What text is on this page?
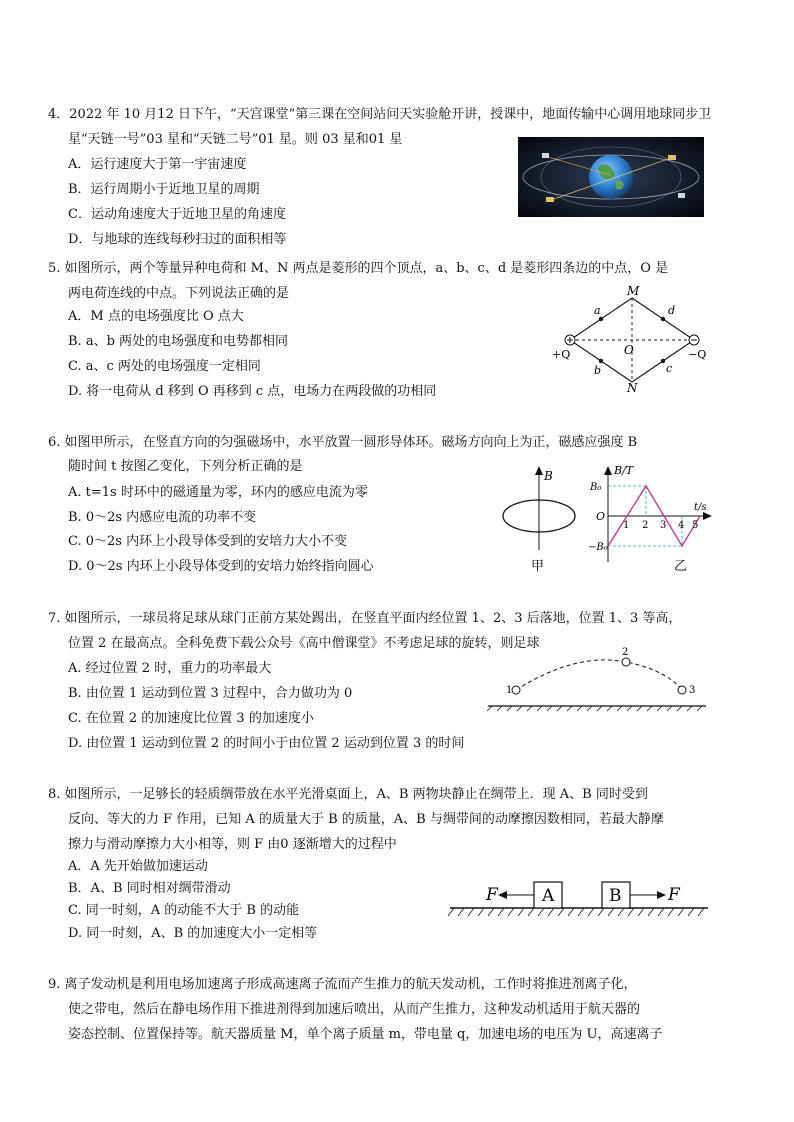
4．2022 年 10 月12 日下午，“天宫课堂”第三课在空间站问天实验舱开讲，授课中，地面传输中心调用地球同步卫
星“天链一号”03 星和“天链二号”01 星。则 03 星和01 星
A．运行速度大于第一宇宙速度
B．运行周期小于近地卫星的周期
C．运动角速度大于近地卫星的角速度
D．与地球的连线每秒扫过的面积相等
5. 如图所示，两个等量异种电荷和 M、N 两点是菱形的四个顶点，a、b、c、d 是菱形四条边的中点，O 是
两电荷连线的中点。下列说法正确的是
A．M 点的电场强度比 O 点大
B. a、b 两处的电场强度和电势都相同
C. a、c 两处的电场强度一定相同
D. 将一电荷从 d 移到 O 再移到 c 点，电场力在两段做的功相同
M
N
O
a	d
b	c
+Q	−Q
6. 如图甲所示，在竖直方向的匀强磁场中，水平放置一圆形导体环。磁场方向向上为正，磁感应强度 B
随时间 t 按图乙变化，下列分析正确的是
A. t=1s 时环中的磁通量为零，环内的感应电流为零
B. 0～2s 内感应电流的功率不变
C. 0～2s 内环上小段导体受到的安培力大小不变
D. 0～2s 内环上小段导体受到的安培力始终指向圆心
B
甲
B/T
B₀
−B₀
O
1 2 3 4 5
t/s
乙
7. 如图所示，一球员将足球从球门正前方某处踢出，在竖直平面内经位置 1、2、3 后落地，位置 1、3 等高，
位置 2 在最高点。全科免费下载公众号《高中僧课堂》不考虑足球的旋转，则足球
A. 经过位置 2 时，重力的功率最大
B. 由位置 1 运动到位置 3 过程中，合力做功为 0
C. 在位置 2 的加速度比位置 3 的加速度小
D. 由位置 1 运动到位置 2 的时间小于由位置 2 运动到位置 3 的时间
1
2
3
8. 如图所示，一足够长的轻质绸带放在水平光滑桌面上，A、B 两物块静止在绸带上．现 A、B 同时受到
反向、等大的力 F 作用，已知 A 的质量大于 B 的质量，A、B 与绸带间的动摩擦因数相同，若最大静摩
擦力与滑动摩擦力大小相等，则 F 由0 逐渐增大的过程中
A．A 先开始做加速运动
B．A、B 同时相对绸带滑动
C. 同一时刻，A 的动能不大于 B 的动能
D. 同一时刻，A、B 的加速度大小一定相等
A	B
F	F
9. 离子发动机是利用电场加速离子形成高速离子流而产生推力的航天发动机，工作时将推进剂离子化，
使之带电，然后在静电场作用下推进剂得到加速后喷出，从而产生推力，这种发动机适用于航天器的
姿态控制、位置保持等。航天器质量 M，单个离子质量 m，带电量 q，加速电场的电压为 U，高速离子
